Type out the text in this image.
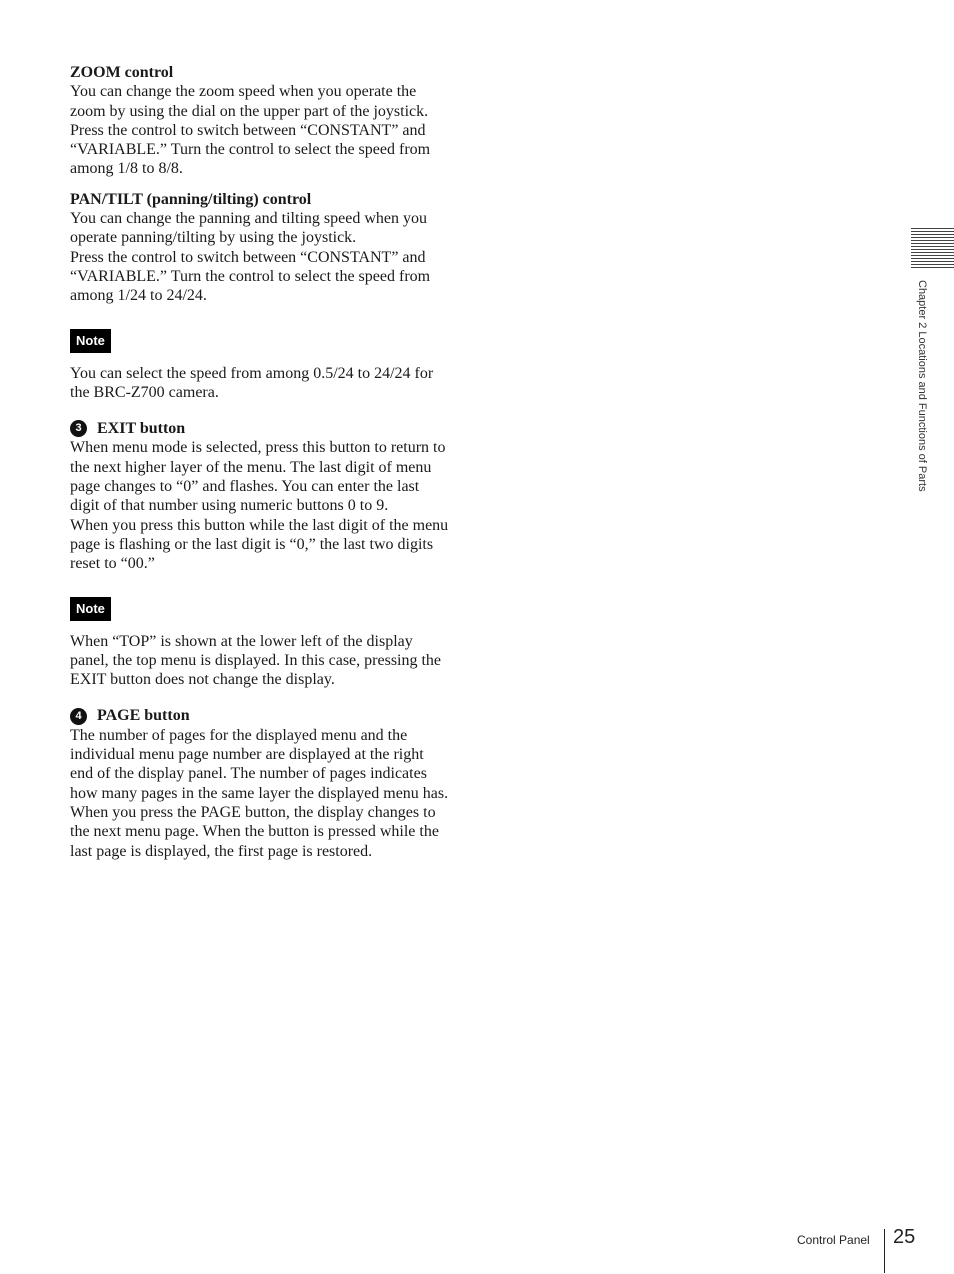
ZOOM control

You can change the zoom speed when you operate the
zoom by using the dial on the upper part of the joystick.
Press the control to switch between “CONSTANT” and
“VARIABLE.” Turn the control to select the speed from
among 1/8 to 8/8.

PAN/TILT (panning/tilting) control

You can change the panning and tilting speed when you
operate panning/tilting by using the joystick.
Press the control to switch between “CONSTANT” and
“VARIABLE.” Turn the control to select the speed from
among 1/24 to 24/24.
Note
You can select the speed from among 0.5/24 to 24/24 for
the BRC-Z700 camera.

3 EXIT button

When menu mode is selected, press this button to return to
the next higher layer of the menu. The last digit of menu
page changes to “0” and flashes. You can enter the last
digit of that number using numeric buttons 0 to 9.
When you press this button while the last digit of the menu
page is flashing or the last digit is “0,” the last two digits
reset to “00.”
Note
When “TOP” is shown at the lower left of the display
panel, the top menu is displayed. In this case, pressing the
EXIT button does not change the display.

4 PAGE button

The number of pages for the displayed menu and the
individual menu page number are displayed at the right
end of the display panel. The number of pages indicates
how many pages in the same layer the displayed menu has.
When you press the PAGE button, the display changes to
the next menu page. When the button is pressed while the
last page is displayed, the first page is restored.
Chapter 2 Locations and Functions of Parts
Control Panel 25
